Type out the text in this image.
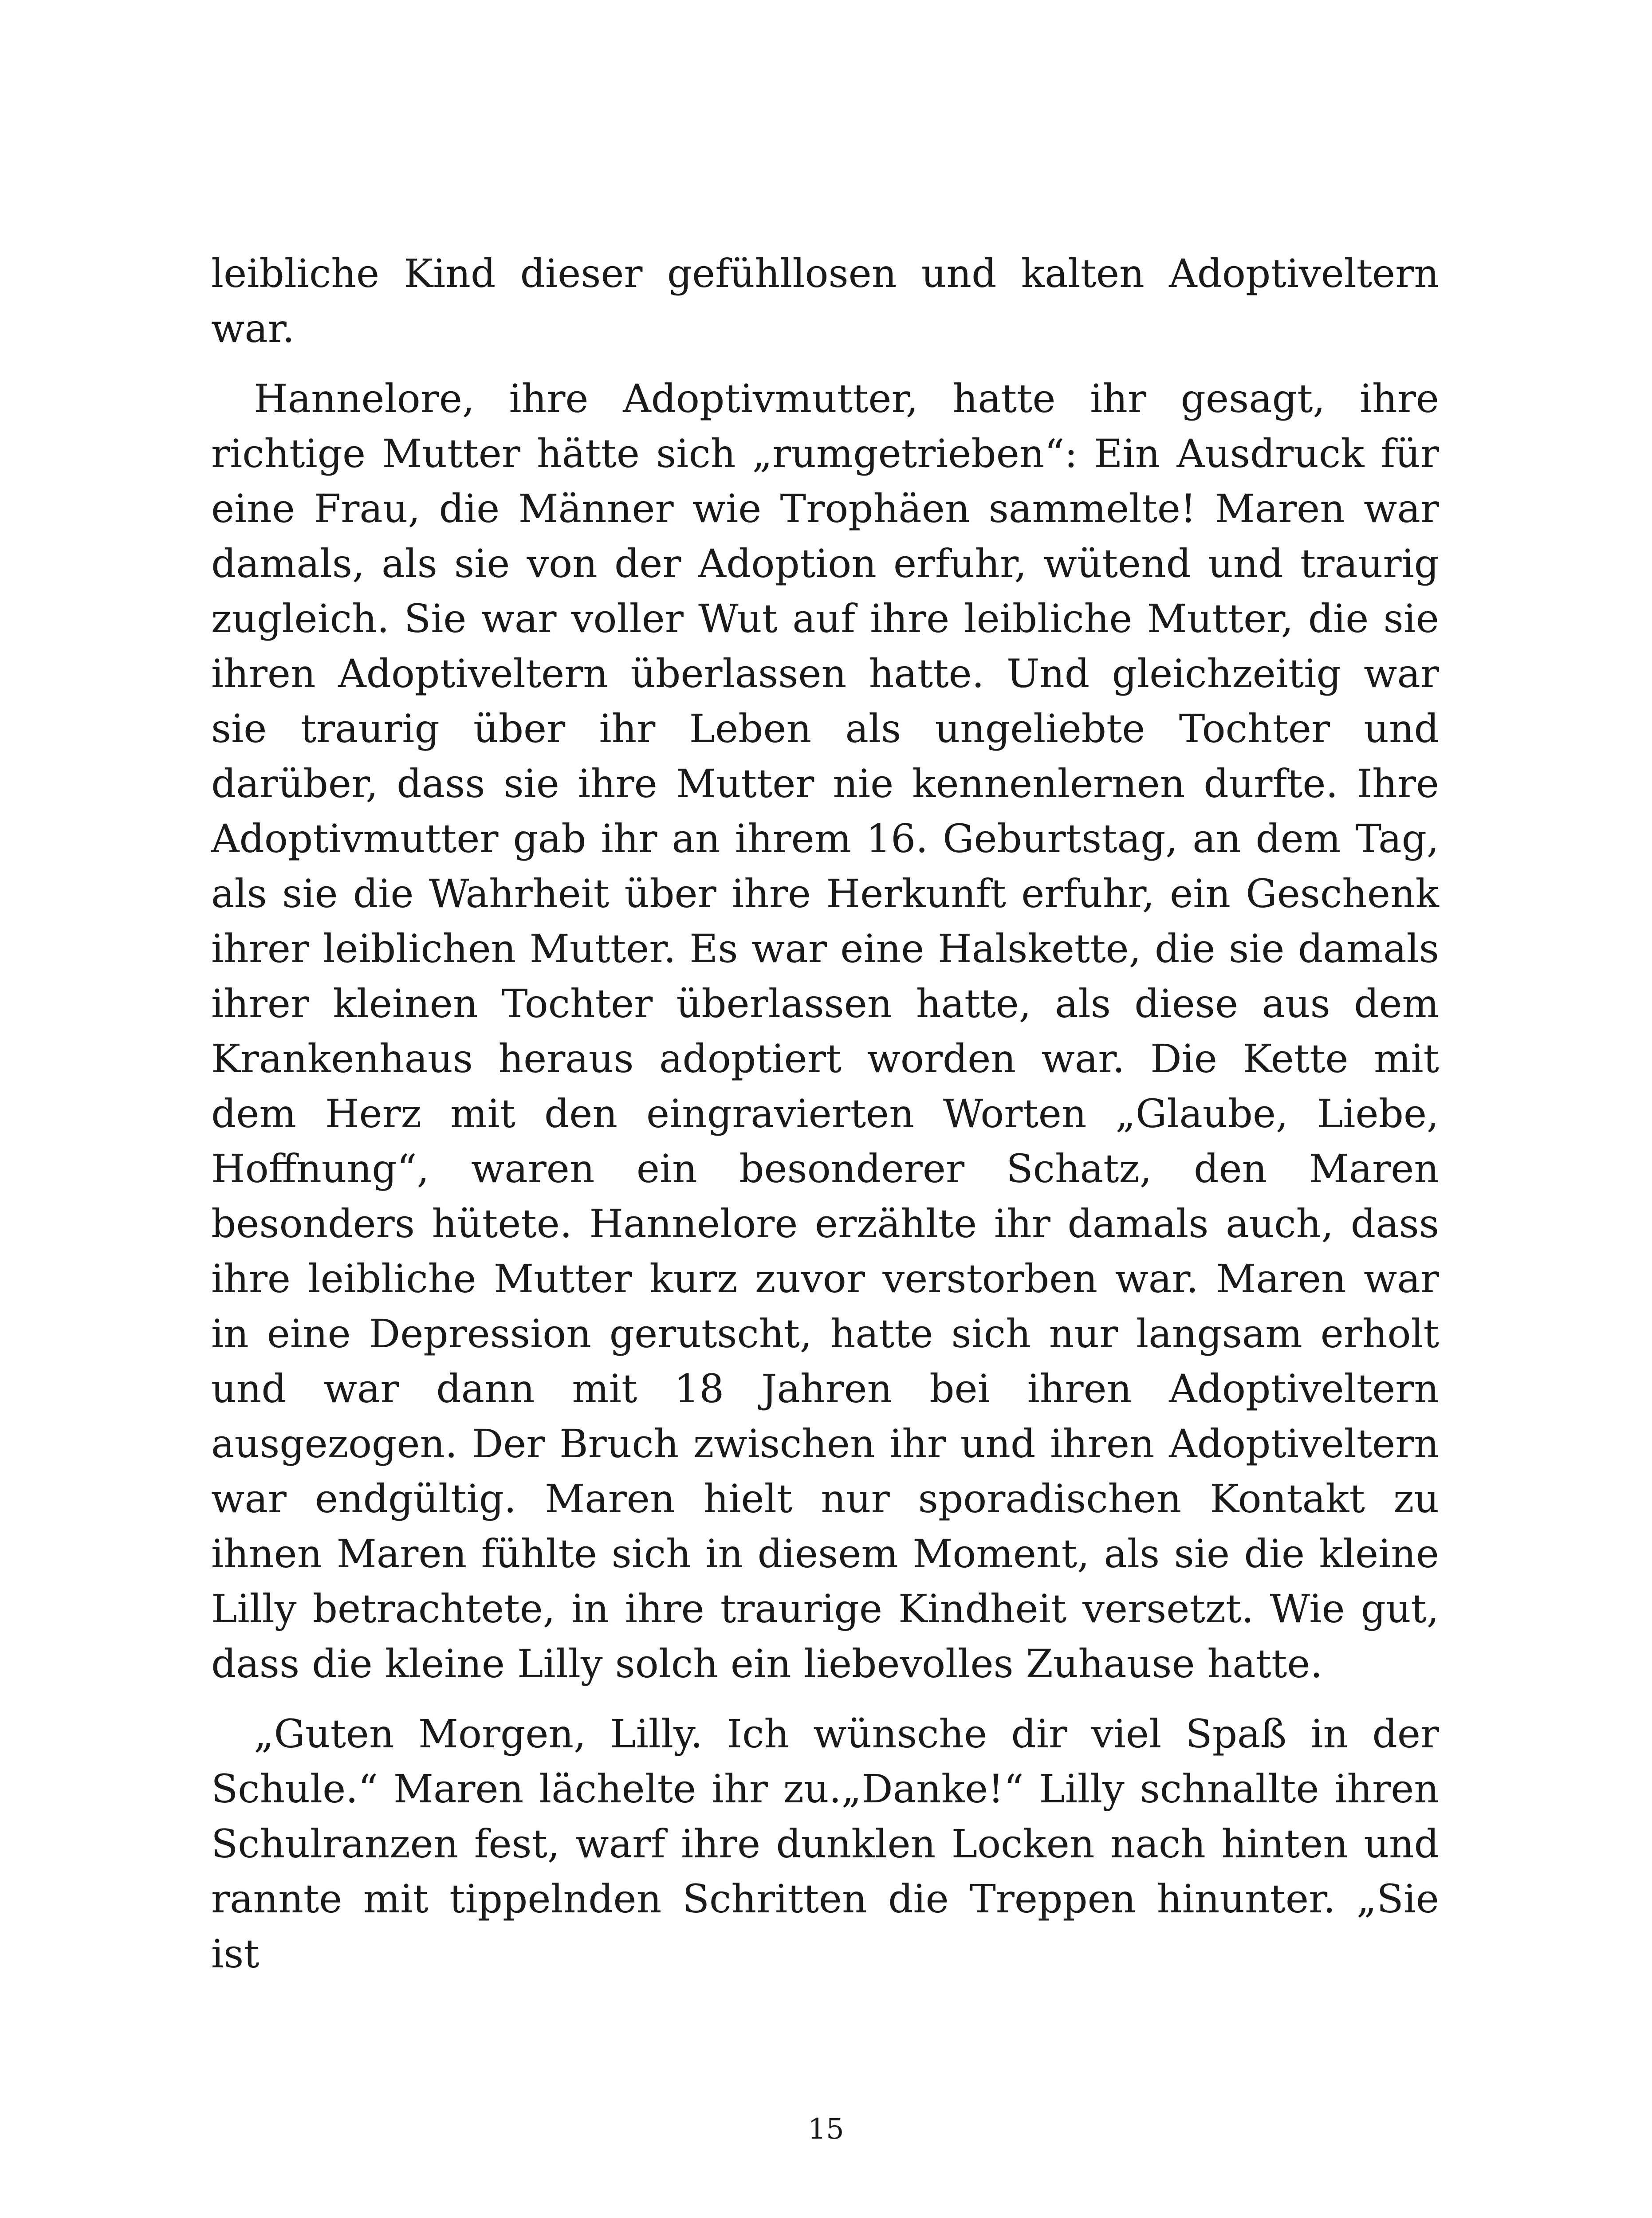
leibliche Kind dieser gefühllosen und kalten Adoptiveltern war.

Hannelore, ihre Adoptivmutter, hatte ihr gesagt, ihre richtige Mutter hätte sich „rumgetrieben“: Ein Ausdruck für eine Frau, die Männer wie Trophäen sammelte! Maren war damals, als sie von der Adoption erfuhr, wütend und traurig zugleich. Sie war voller Wut auf ihre leibliche Mutter, die sie ihren Adoptiveltern überlassen hatte. Und gleichzeitig war sie traurig über ihr Leben als ungeliebte Tochter und darüber, dass sie ihre Mutter nie kennenlernen durfte. Ihre Adoptivmutter gab ihr an ihrem 16. Geburtstag, an dem Tag, als sie die Wahrheit über ihre Herkunft erfuhr, ein Geschenk ihrer leiblichen Mutter. Es war eine Halskette, die sie damals ihrer kleinen Tochter überlassen hatte, als diese aus dem Krankenhaus heraus adoptiert worden war. Die Kette mit dem Herz mit den eingravierten Worten „Glaube, Liebe, Hoffnung“, waren ein besonderer Schatz, den Maren besonders hütete. Hannelore erzählte ihr damals auch, dass ihre leibliche Mutter kurz zuvor verstorben war. Maren war in eine Depression gerutscht, hatte sich nur langsam erholt und war dann mit 18 Jahren bei ihren Adoptiveltern ausgezogen. Der Bruch zwischen ihr und ihren Adoptiveltern war endgültig. Maren hielt nur sporadischen Kontakt zu ihnen Maren fühlte sich in diesem Moment, als sie die kleine Lilly betrachtete, in ihre traurige Kindheit versetzt. Wie gut, dass die kleine Lilly solch ein liebevolles Zuhause hatte.

„Guten Morgen, Lilly. Ich wünsche dir viel Spaß in der Schule.“ Maren lächelte ihr zu.„Danke!“ Lilly schnallte ihren Schulranzen fest, warf ihre dunklen Locken nach hinten und rannte mit tippelnden Schritten die Treppen hinunter. „Sie ist

15
